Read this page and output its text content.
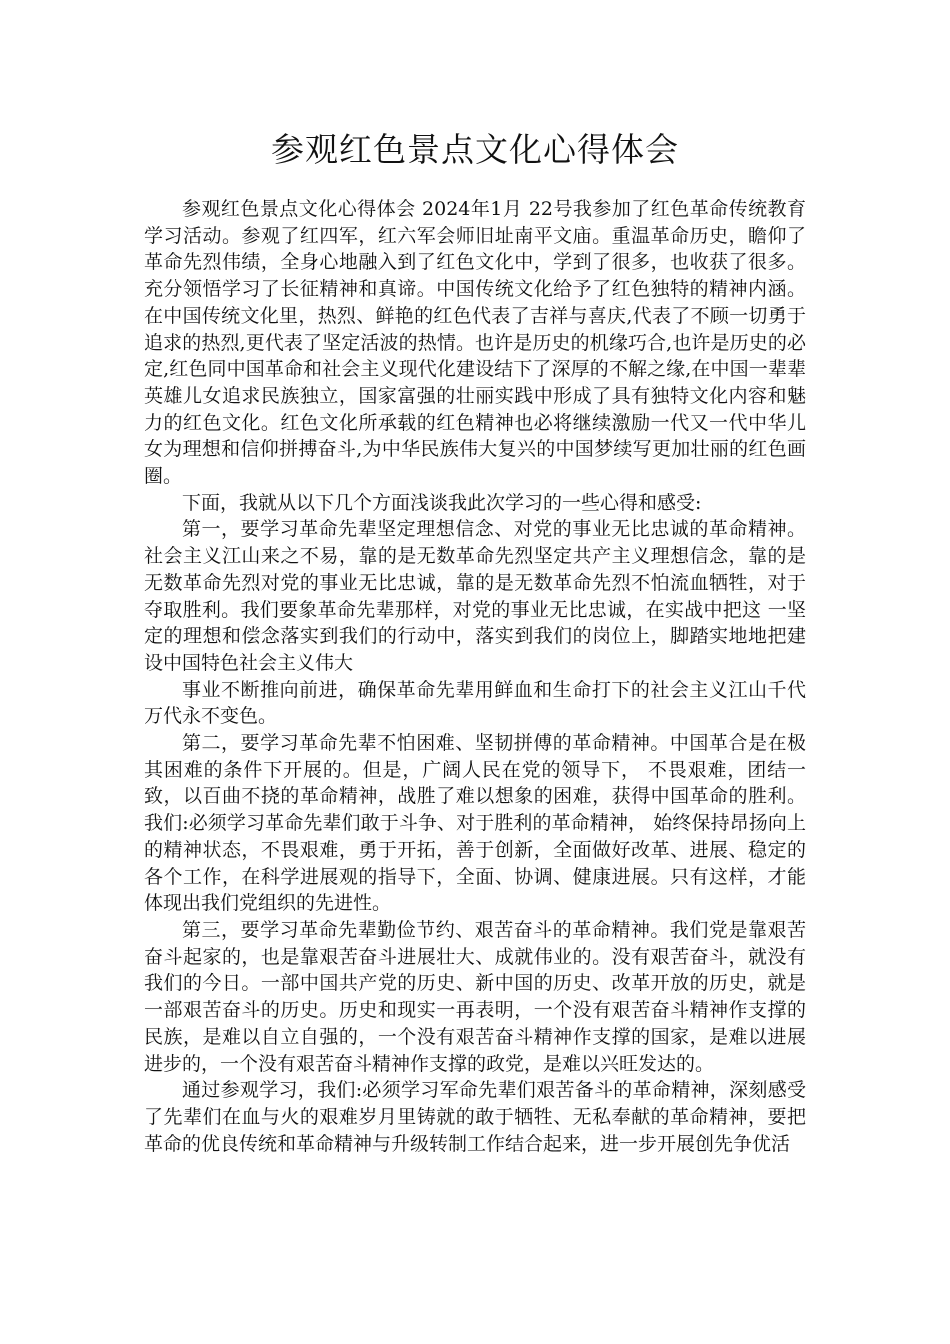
参观红色景点文化心得体会

参观红色景点文化心得体会 2024年1月 22号我参加了红色革命传统教育学习活动。参观了红四军，红六军会师旧址南平文庙。重温革命历史，瞻仰了革命先烈伟绩，全身心地融入到了红色文化中，学到了很多，也收获了很多。充分领悟学习了长征精神和真谛。中国传统文化给予了红色独特的精神内涵。在中国传统文化里，热烈、鲜艳的红色代表了吉祥与喜庆,代表了不顾一切勇于追求的热烈,更代表了坚定活波的热情。也许是历史的机缘巧合,也许是历史的必定,红色同中国革命和社会主义现代化建设结下了深厚的不解之缘,在中国一辈辈英雄儿女追求民族独立，国家富强的壮丽实践中形成了具有独特文化内容和魅力的红色文化。红色文化所承载的红色精神也必将继续激励一代又一代中华儿女为理想和信仰拼搏奋斗,为中华民族伟大复兴的中国梦续写更加壮丽的红色画圈。

下面，我就从以下几个方面浅谈我此次学习的一些心得和感受:

第一，要学习革命先辈坚定理想信念、对党的事业无比忠诚的革命精神。社会主义江山来之不易，靠的是无数革命先烈坚定共产主义理想信念，靠的是无数革命先烈对党的事业无比忠诚，靠的是无数革命先烈不怕流血牺牲，对于夺取胜利。我们要象革命先辈那样，对党的事业无比忠诚，在实战中把这 一坚定的理想和偿念落实到我们的行动中，落实到我们的岗位上，脚踏实地地把建设中国特色社会主义伟大

事业不断推向前进，确保革命先辈用鲜血和生命打下的社会主义江山千代万代永不变色。

第二，要学习革命先辈不怕困难、坚韧拼傅的革命精神。中国革合是在极其困难的条件下开展的。但是，广阔人民在党的领导下， 不畏艰难，团结一致，以百曲不挠的革命精神，战胜了难以想象的困难，获得中国革命的胜利。我们:必须学习革命先辈们敢于斗争、对于胜利的革命精神， 始终保持昂扬向上的精神状态，不畏艰难，勇于开拓，善于创新，全面做好改革、进展、稳定的各个工作，在科学进展观的指导下，全面、协调、健康进展。只有这样，才能体现出我们党组织的先进性。

第三，要学习革命先辈勤俭节约、艰苦奋斗的革命精神。我们党是靠艰苦奋斗起家的，也是靠艰苦奋斗进展壮大、成就伟业的。没有艰苦奋斗，就没有我们的今日。一部中国共产党的历史、新中国的历史、改革开放的历史，就是一部艰苦奋斗的历史。历史和现实一再表明，一个没有艰苦奋斗精神作支撑的民族，是难以自立自强的，一个没有艰苦奋斗精神作支撑的国家，是难以进展进步的，一个没有艰苦奋斗精神作支撑的政党，是难以兴旺发达的。

通过参观学习，我们:必须学习军命先辈们艰苦备斗的革命精神，深刻感受了先辈们在血与火的艰难岁月里铸就的敢于牺牲、无私奉献的革命精神，要把革命的优良传统和革命精神与升级转制工作结合起来，进一步开展创先争优活
